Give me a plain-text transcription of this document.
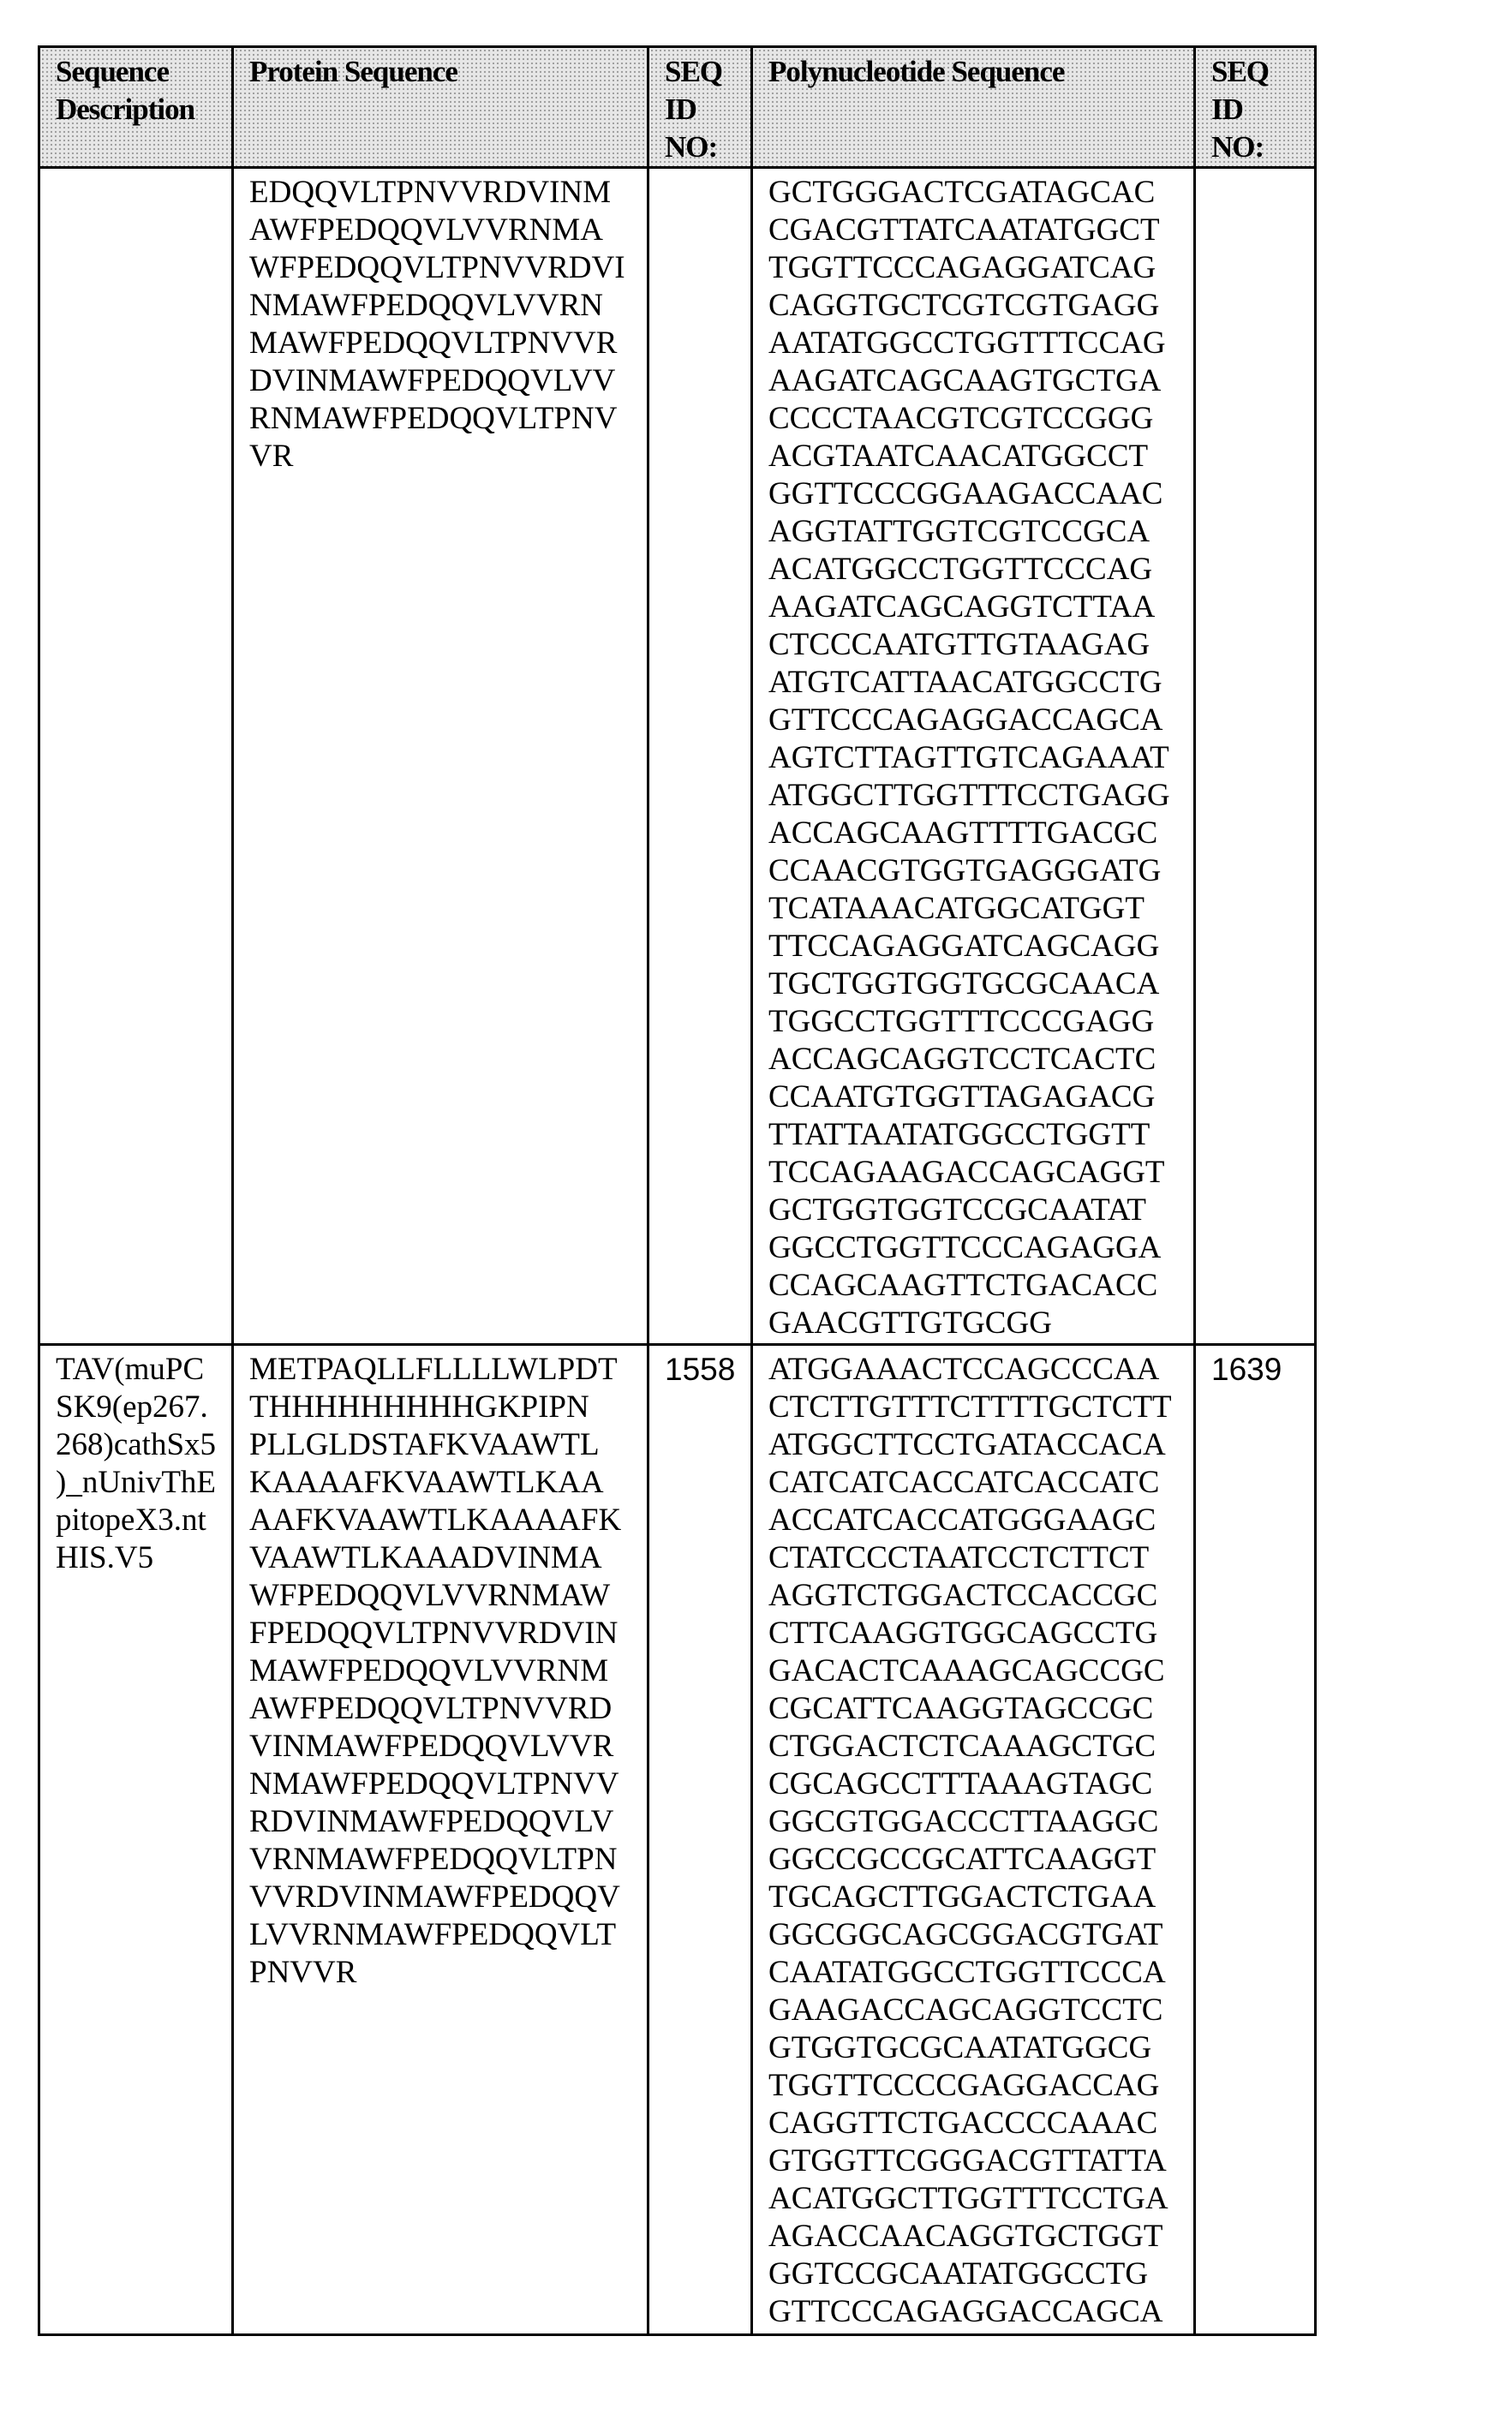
Sequence
Description

Protein Sequence	SEQ
ID
NO:

Polynucleotide Sequence	SEQ
ID
NO:

EDQQVLTPNVVRDVINM
AWFPEDQQVLVVRNMA
WFPEDQQVLTPNVVRDVI
NMAWFPEDQQVLVVRN
MAWFPEDQQVLTPNVVR
DVINMAWFPEDQQVLVV
RNMAWFPEDQQVLTPNV
VR

GCTGGGACTCGATAGCAC
CGACGTTATCAATATGGCT
TGGTTCCCAGAGGATCAG
CAGGTGCTCGTCGTGAGG
AATATGGCCTGGTTTCCAG
AAGATCAGCAAGTGCTGA
CCCCTAACGTCGTCCGGG
ACGTAATCAACATGGCCT
GGTTCCCGGAAGACCAAC
AGGTATTGGTCGTCCGCA
ACATGGCCTGGTTCCCAG
AAGATCAGCAGGTCTTAA
CTCCCAATGTTGTAAGAG
ATGTCATTAACATGGCCTG
GTTCCCAGAGGACCAGCA
AGTCTTAGTTGTCAGAAAT
ATGGCTTGGTTTCCTGAGG
ACCAGCAAGTTTTGACGC
CCAACGTGGTGAGGGATG
TCATAAACATGGCATGGT
TTCCAGAGGATCAGCAGG
TGCTGGTGGTGCGCAACA
TGGCCTGGTTTCCCGAGG
ACCAGCAGGTCCTCACTC
CCAATGTGGTTAGAGACG
TTATTAATATGGCCTGGTT
TCCAGAAGACCAGCAGGT
GCTGGTGGTCCGCAATAT
GGCCTGGTTCCCAGAGGA
CCAGCAAGTTCTGACACC
GAACGTTGTGCGG

TAV(muPC
SK9(ep267.
268)cathSx5
)_nUnivThE
pitopeX3.nt
HIS.V5

METPAQLLFLLLLWLPDT
THHHHHHHHHGKPIPN
PLLGLDSTAFKVAAWTL
KAAAAFKVAAWTLKAA
AAFKVAAWTLKAAAAFK
VAAWTLKAAADVINMA
WFPEDQQVLVVRNMAW
FPEDQQVLTPNVVRDVIN
MAWFPEDQQVLVVRNM
AWFPEDQQVLTPNVVRD
VINMAWFPEDQQVLVVR
NMAWFPEDQQVLTPNVV
RDVINMAWFPEDQQVLV
VRNMAWFPEDQQVLTPN
VVRDVINMAWFPEDQQV
LVVRNMAWFPEDQQVLT
PNVVR
	1558	ATGGAAACTCCAGCCCAA
CTCTTGTTTCTTTTGCTCTT
ATGGCTTCCTGATACCACA
CATCATCACCATCACCATC
ACCATCACCATGGGAAGC
CTATCCCTAATCCTCTTCT
AGGTCTGGACTCCACCGC
CTTCAAGGTGGCAGCCTG
GACACTCAAAGCAGCCGC
CGCATTCAAGGTAGCCGC
CTGGACTCTCAAAGCTGC
CGCAGCCTTTAAAGTAGC
GGCGTGGACCCTTAAGGC
GGCCGCCGCATTCAAGGT
TGCAGCTTGGACTCTGAA
GGCGGCAGCGGACGTGAT
CAATATGGCCTGGTTCCCA
GAAGACCAGCAGGTCCTC
GTGGTGCGCAATATGGCG
TGGTTCCCCGAGGACCAG
CAGGTTCTGACCCCAAAC
GTGGTTCGGGACGTTATTA
ACATGGCTTGGTTTCCTGA
AGACCAACAGGTGCTGGT
GGTCCGCAATATGGCCTG
GTTCCCAGAGGACCAGCA
	1639
